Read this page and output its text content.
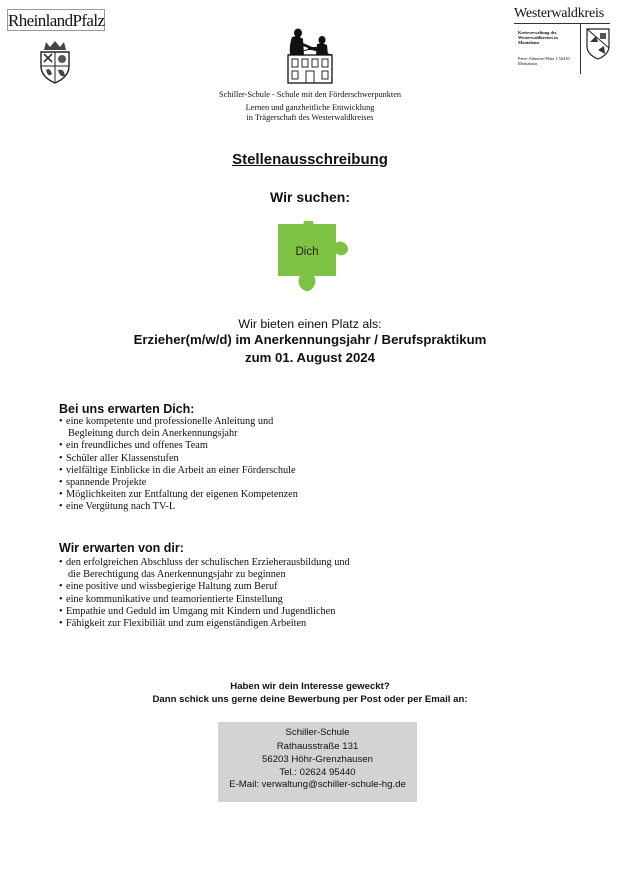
RheinlandPfalz
Schiller-Schule - Schule mit den Förderschwerpunkten
Lernen und ganzheitliche Entwicklung
in Trägerschaft des Westerwaldkreises
Westerwaldkreis
Kreisverwaltung des Westerwaldkreises in Montabaur
Peter-Altmeier-Platz 1 56410 Montabaur
Stellenausschreibung
Wir suchen:
Dich
Wir bieten einen Platz als:
Erzieher(m/w/d) im Anerkennungsjahr / Berufspraktikum
zum 01. August 2024
Bei uns erwarten Dich:
• eine kompetente und professionelle Anleitung und
Begleitung durch dein Anerkennungsjahr
• ein freundliches und offenes Team
• Schüler aller Klassenstufen
• vielfältige Einblicke in die Arbeit an einer Förderschule
• spannende Projekte
• Möglichkeiten zur Entfaltung der eigenen Kompetenzen
• eine Vergütung nach TV-L
Wir erwarten von dir:
• den erfolgreichen Abschluss der schulischen Erzieherausbildung und
die Berechtigung das Anerkennungsjahr zu beginnen
• eine positive und wissbegierige Haltung zum Beruf
• eine kommunikative und teamorientierte Einstellung
• Empathie und Geduld im Umgang mit Kindern und Jugendlichen
• Fähigkeit zur Flexibiliät und zum eigenständigen Arbeiten
Haben wir dein Interesse geweckt?
Dann schick uns gerne deine Bewerbung per Post oder per Email an:
Schiller-Schule
Rathausstraße 131
56203 Höhr-Grenzhausen
Tel.: 02624 95440
E-Mail: verwaltung@schiller-schule-hg.de
